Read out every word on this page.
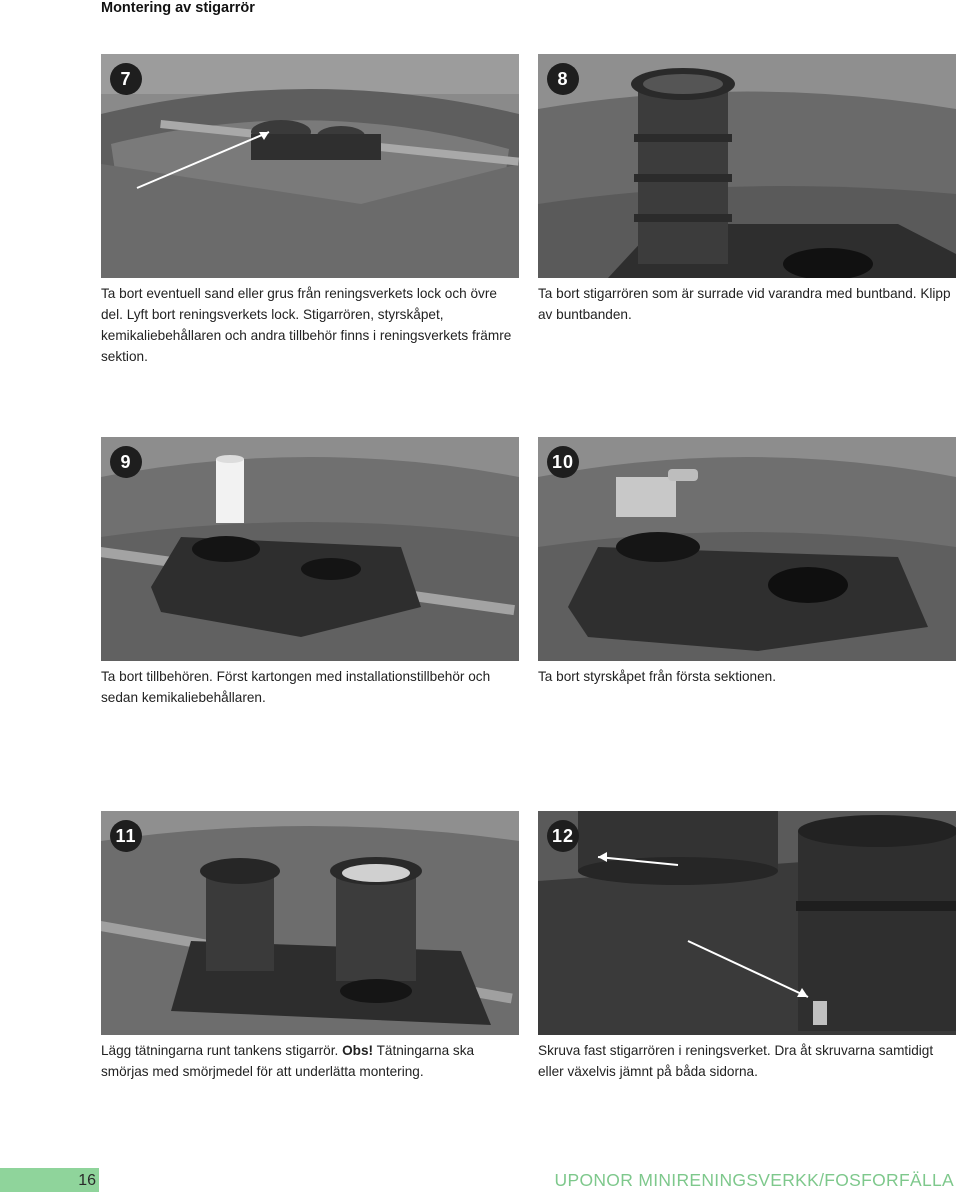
Montering av stigarrör
7
Ta bort eventuell sand eller grus från reningsverkets lock och övre del. Lyft bort reningsverkets lock. Stigarrören, styrskåpet, kemikaliebehållaren och andra tillbehör finns i reningsverkets främre sektion.
8
Ta bort stigarrören som är surrade vid varandra med buntband. Klipp av buntbanden.
9
Ta bort tillbehören. Först kartongen med installationstillbehör och sedan kemikaliebehållaren.
10
Ta bort styrskåpet från första sektionen.
11
Lägg tätningarna runt tankens stigarrör. Obs! Tätningarna ska smörjas med smörjmedel för att underlätta montering.
12
Skruva fast stigarrören i reningsverket. Dra åt skruvarna samtidigt eller växelvis jämnt på båda sidorna.
16	UPONOR MINIRENINGSVERKK/FOSFORFÄLLA
